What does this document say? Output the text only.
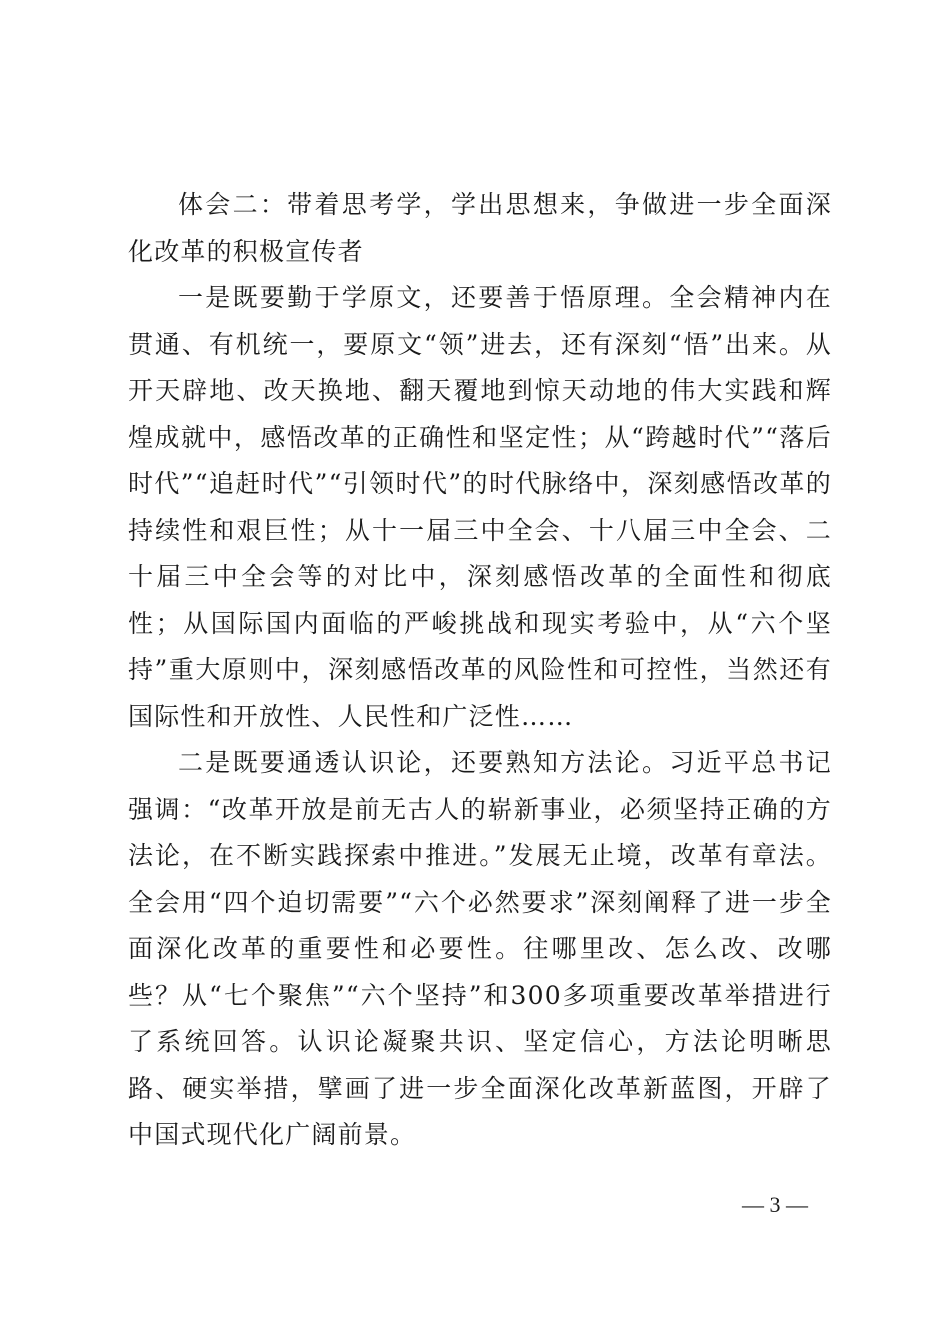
体会二：带着思考学，学出思想来，争做进一步全面深化改革的积极宣传者

一是既要勤于学原文，还要善于悟原理。全会精神内在贯通、有机统一，要原文“领”进去，还有深刻“悟”出来。从开天辟地、改天换地、翻天覆地到惊天动地的伟大实践和辉煌成就中，感悟改革的正确性和坚定性；从“跨越时代”“落后时代”“追赶时代”“引领时代”的时代脉络中，深刻感悟改革的持续性和艰巨性；从十一届三中全会、十八届三中全会、二十届三中全会等的对比中，深刻感悟改革的全面性和彻底性；从国际国内面临的严峻挑战和现实考验中，从“六个坚持”重大原则中，深刻感悟改革的风险性和可控性，当然还有国际性和开放性、人民性和广泛性……

二是既要通透认识论，还要熟知方法论。习近平总书记强调：“改革开放是前无古人的崭新事业，必须坚持正确的方法论，在不断实践探索中推进。”发展无止境，改革有章法。全会用“四个迫切需要”“六个必然要求”深刻阐释了进一步全面深化改革的重要性和必要性。往哪里改、怎么改、改哪些？从“七个聚焦”“六个坚持”和300多项重要改革举措进行了系统回答。认识论凝聚共识、坚定信心，方法论明晰思路、硬实举措，擘画了进一步全面深化改革新蓝图，开辟了中国式现代化广阔前景。

— 3 —
